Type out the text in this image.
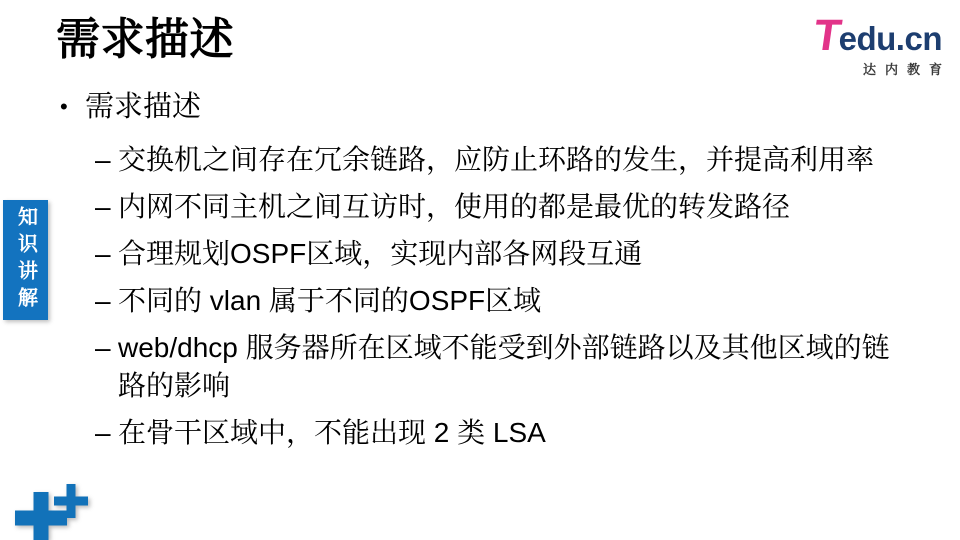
需求描述	T
edu.cn
达内教育
知识讲解
• 需求描述
– 交换机之间存在冗余链路，应防止环路的发生，并提高利用率
– 内网不同主机之间互访时，使用的都是最优的转发路径
– 合理规划OSPF区域，实现内部各网段互通
– 不同的 vlan 属于不同的OSPF区域
– web/dhcp 服务器所在区域不能受到外部链路以及其他区域的链路的影响
– 在骨干区域中，不能出现 2 类 LSA
